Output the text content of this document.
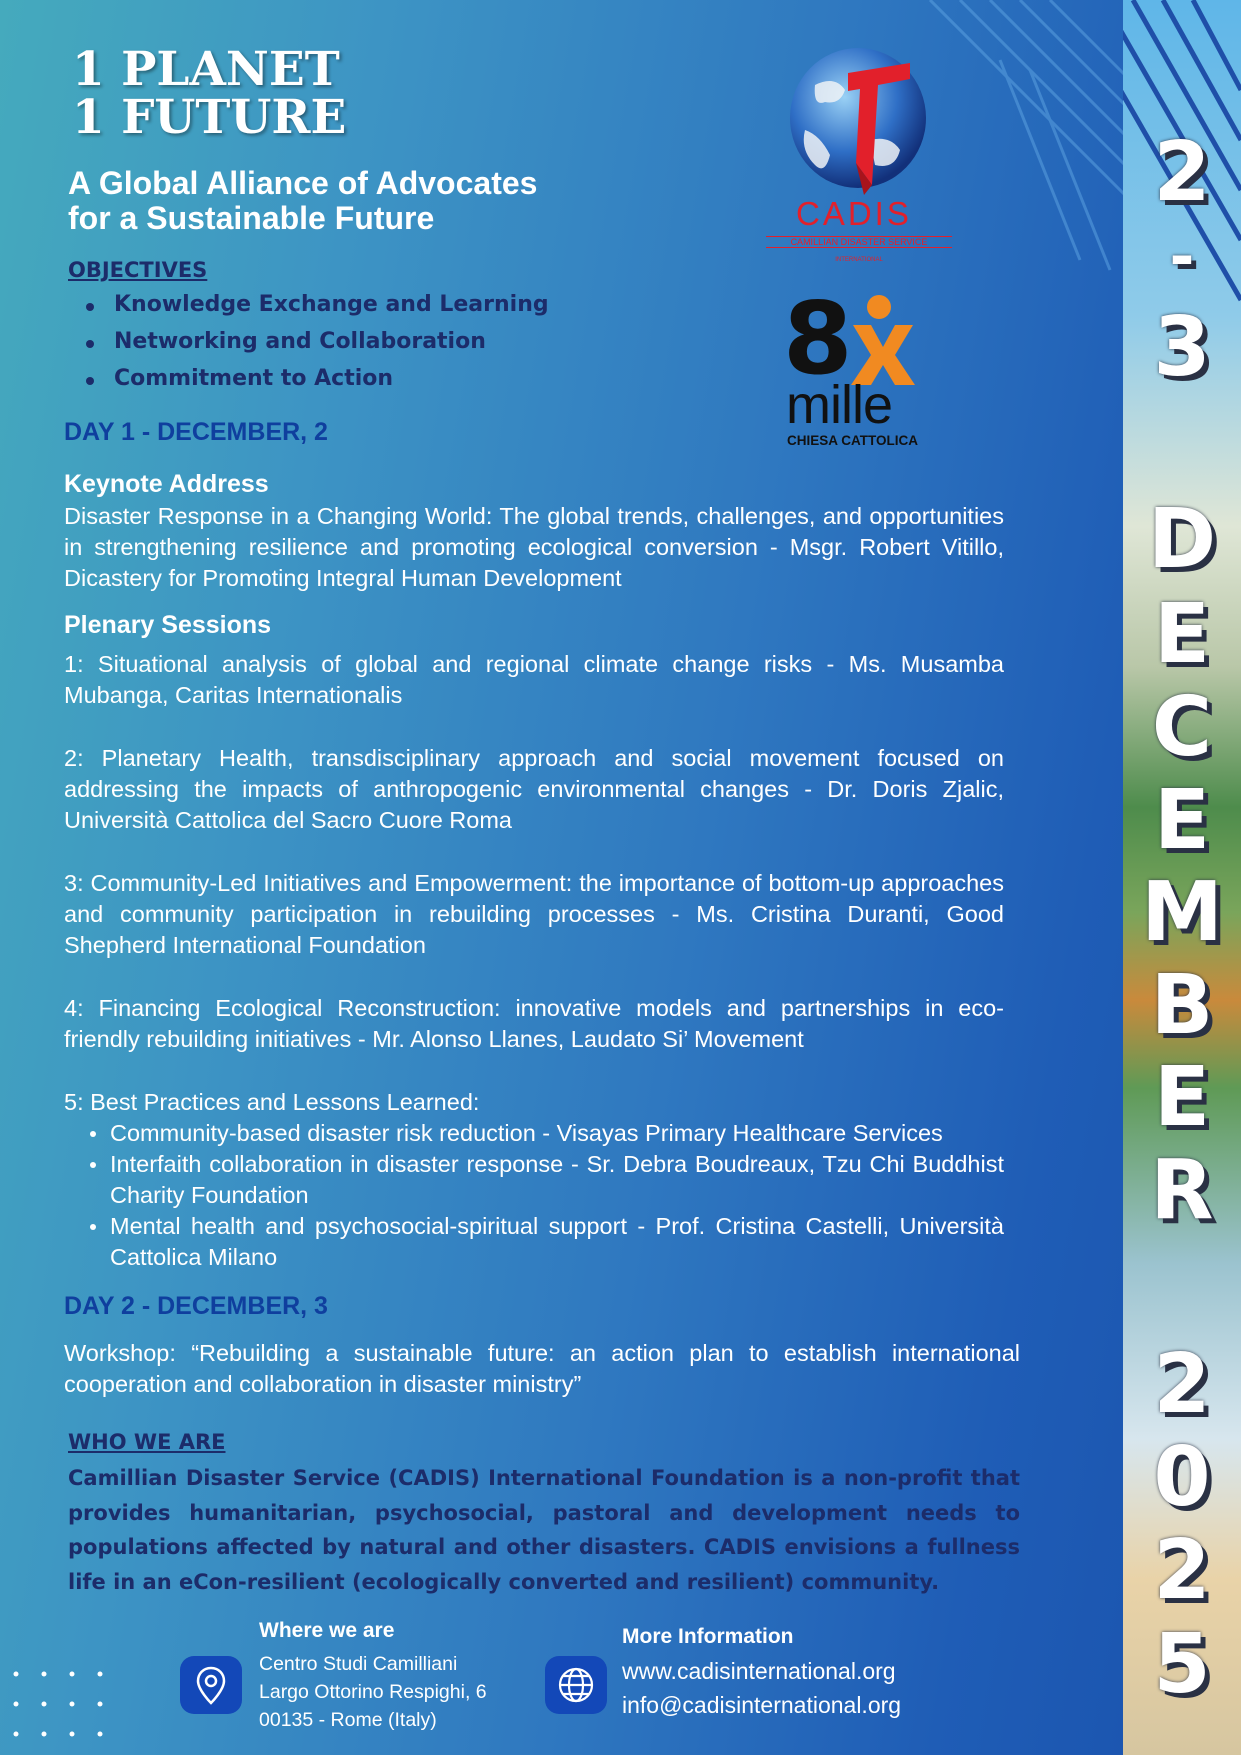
2
-
3
D
E
C
E
M
B
E
R
2
0
2
5
1 PLANET
1 FUTURE
A Global Alliance of Advocates
for a Sustainable Future
OBJECTIVES
Knowledge Exchange and Learning
Networking and Collaboration
Commitment to Action
CADIS
CAMILLIAN DISASTER SERVICE
INTERNATIONAL
8
mille
CHIESA CATTOLICA
DAY 1 - DECEMBER, 2
Keynote Address
Disaster Response in a Changing World: The global trends, challenges, and opportunities in strengthening resilience and promoting ecological conversion - Msgr. Robert Vitillo, Dicastery for Promoting Integral Human Development
Plenary Sessions
1: Situational analysis of global and regional climate change risks - Ms. Musamba Mubanga, Caritas Internationalis
2: Planetary Health, transdisciplinary approach and social movement focused on addressing the impacts of anthropogenic environmental changes - Dr. Doris Zjalic, Università Cattolica del Sacro Cuore Roma
3: Community-Led Initiatives and Empowerment: the importance of bottom-up approaches and community participation in rebuilding processes - Ms. Cristina Duranti, Good Shepherd International Foundation
4: Financing Ecological Reconstruction: innovative models and partnerships in eco-friendly rebuilding initiatives - Mr. Alonso Llanes, Laudato Si’ Movement
5: Best Practices and Lessons Learned:
Community-based disaster risk reduction - Visayas Primary Healthcare Services
Interfaith collaboration in disaster response - Sr. Debra Boudreaux, Tzu Chi Buddhist Charity Foundation
Mental health and psychosocial-spiritual support - Prof. Cristina Castelli, Università Cattolica Milano
DAY 2 - DECEMBER, 3
Workshop: “Rebuilding a sustainable future: an action plan to establish international cooperation and collaboration in disaster ministry”
WHO WE ARE
Camillian Disaster Service (CADIS) International Foundation is a non-profit that provides humanitarian, psychosocial, pastoral and development needs to populations affected by natural and other disasters. CADIS envisions a fullness life in an eCon-resilient (ecologically converted and resilient) community.
Where we are
Centro Studi Camilliani
Largo Ottorino Respighi, 6
00135 - Rome (Italy)
More Information
www.cadisinternational.org
info@cadisinternational.org
